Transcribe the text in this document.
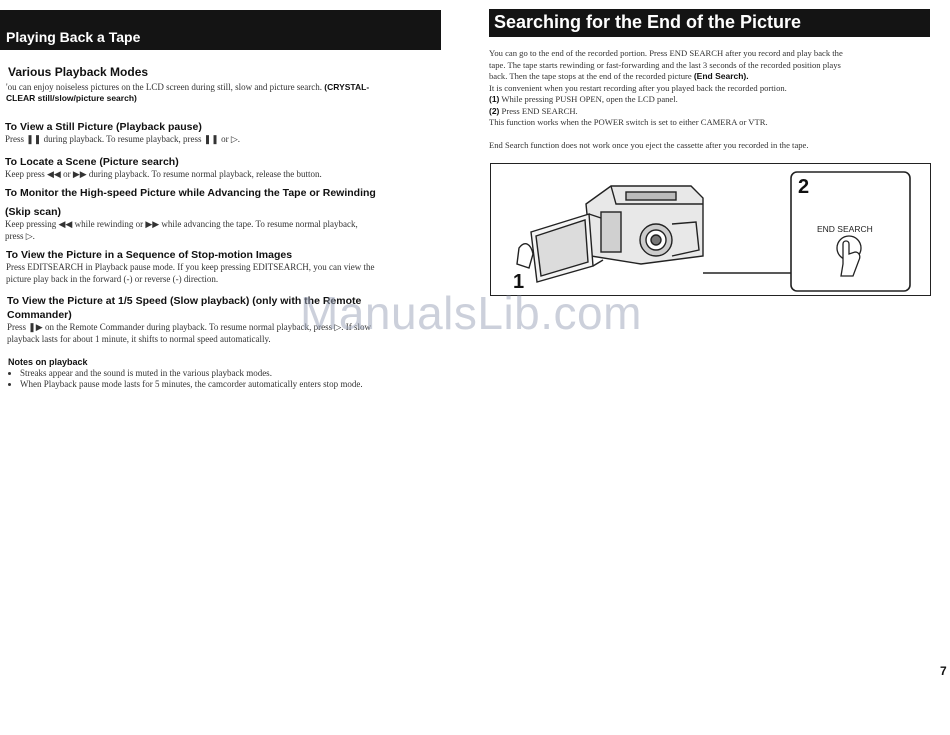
Playing Back a Tape
Various Playback Modes
'ou can enjoy noiseless pictures on the LCD screen during still, slow and picture search. (CRYSTAL-
CLEAR still/slow/picture search)
To View a Still Picture (Playback pause)
Press ❚❚ during playback. To resume playback, press ❚❚ or ▷.
To Locate a Scene (Picture search)
Keep press ◀◀ or ▶▶ during playback. To resume normal playback, release the button.
To Monitor the High-speed Picture while Advancing the Tape or Rewinding
(Skip scan)
Keep pressing ◀◀ while rewinding or ▶▶ while advancing the tape. To resume normal playback,
press ▷.
To View the Picture in a Sequence of Stop-motion Images
Press EDITSEARCH in Playback pause mode. If you keep pressing EDITSEARCH, you can view the
picture play back in the forward (-) or reverse (-) direction.
To View the Picture at 1/5 Speed (Slow playback) (only with the Remote
Commander)
Press ❚▶ on the Remote Commander during playback. To resume normal playback, press ▷. If slow
playback lasts for about 1 minute, it shifts to normal speed automatically.
Notes on playback
• Streaks appear and the sound is muted in the various playback modes.
• When Playback pause mode lasts for 5 minutes, the camcorder automatically enters stop mode.
Searching for the End of the Picture
You can go to the end of the recorded portion. Press END SEARCH after you record and play back the
tape. The tape starts rewinding or fast-forwarding and the last 3 seconds of the recorded position plays
back. Then the tape stops at the end of the recorded picture (End Search).
It is convenient when you restart recording after you played back the recorded portion.
(1) While pressing PUSH OPEN, open the LCD panel.
(2) Press END SEARCH.
This function works when the POWER switch is set to either CAMERA or VTR.
End Search function does not work once you eject the cassette after you recorded in the tape.
1
2
END SEARCH
ManualsLib.com
7
